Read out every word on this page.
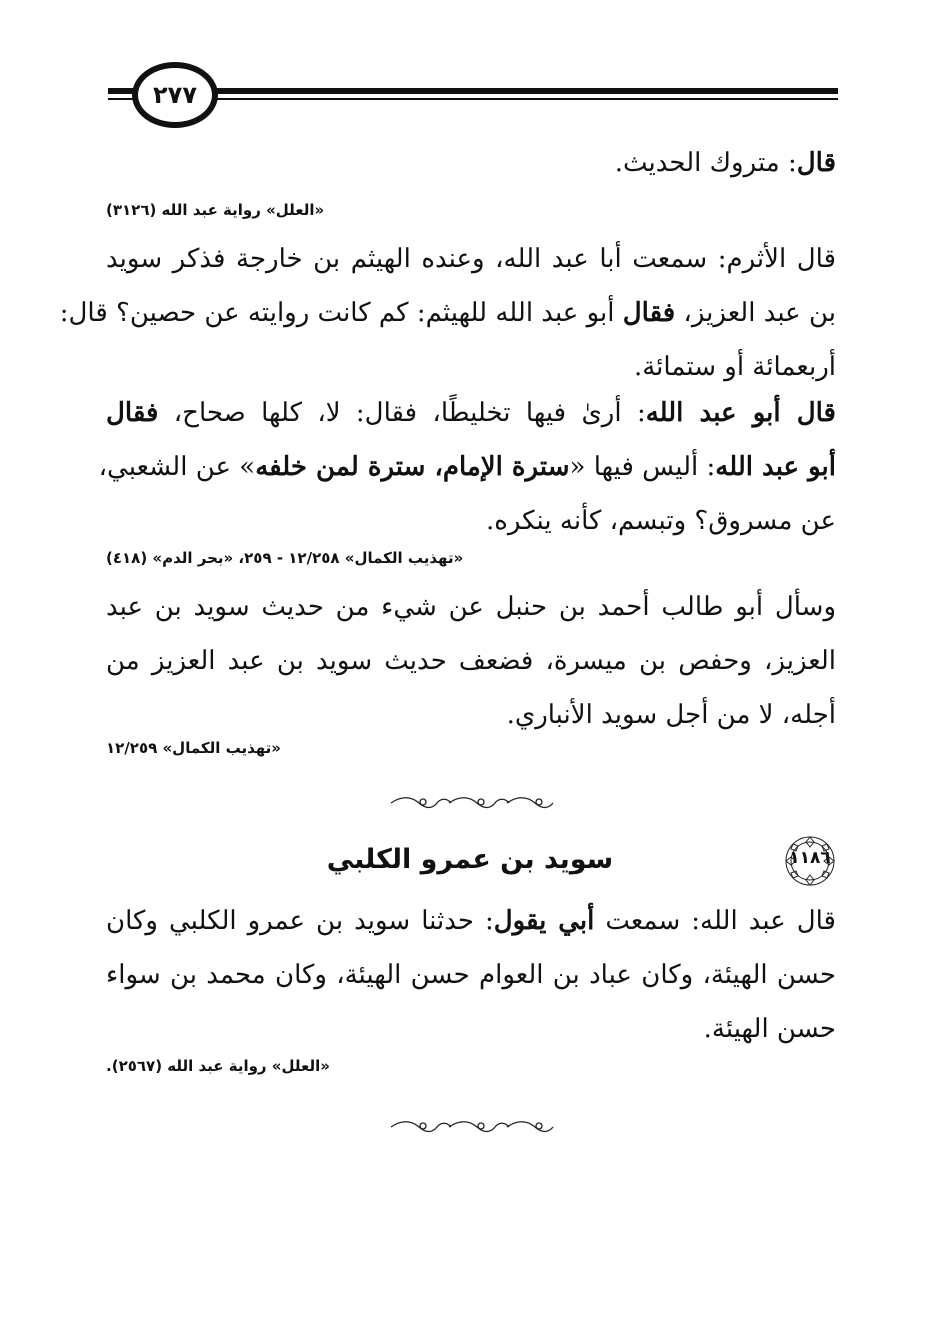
٢٧٧
قال: متروك الحديث.
«العلل» رواية عبد الله (٣١٢٦)
قال الأثرم: سمعت أبا عبد الله، وعنده الهيثم بن خارجة فذكر سويد
بن عبد العزيز، فقال أبو عبد الله للهيثم: كم كانت روايته عن حصين؟ قال:
أربعمائة أو ستمائة.
قال أبو عبد الله: أرىٰ فيها تخليطًا، فقال: لا، كلها صحاح، فقال
أبو عبد الله: أليس فيها «سترة الإمام، سترة لمن خلفه» عن الشعبي،
عن مسروق؟ وتبسم، كأنه ينكره.
«تهذيب الكمال» ١٢/٢٥٨ - ٢٥٩، «بحر الدم» (٤١٨)
وسأل أبو طالب أحمد بن حنبل عن شيء من حديث سويد بن عبد
العزيز، وحفص بن ميسرة، فضعف حديث سويد بن عبد العزيز من
أجله، لا من أجل سويد الأنباري.
«تهذيب الكمال» ١٢/٢٥٩
١١٨٦
سويد بن عمرو الكلبي
قال عبد الله: سمعت أبي يقول: حدثنا سويد بن عمرو الكلبي وكان
حسن الهيئة، وكان عباد بن العوام حسن الهيئة، وكان محمد بن سواء
حسن الهيئة.
«العلل» رواية عبد الله (٢٥٦٧).
